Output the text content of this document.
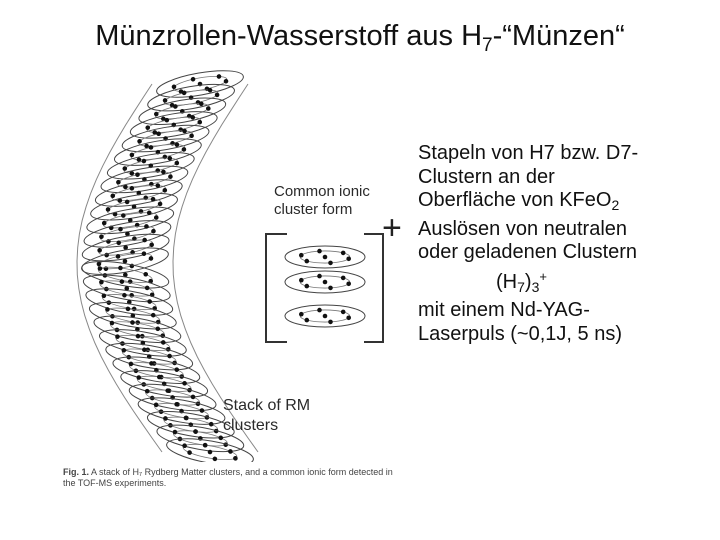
Münzrollen-Wasserstoff aus $H_7-“Münzen“$
Common ionic
cluster form +
Stack of RM
clusters
Fig. 1. A stack of H₇ Rydberg Matter clusters, and a common ionic form detected in
the TOF-MS experiments.
Stapeln von H7 bzw. D7-
Clustern an der
Oberfläche von KFeO$_2$
Auslösen von neutralen
oder geladenen Clustern
$(H_7)_3^+$
mit einem Nd-YAG-
Laserpuls (~0,1J, 5 ns)
